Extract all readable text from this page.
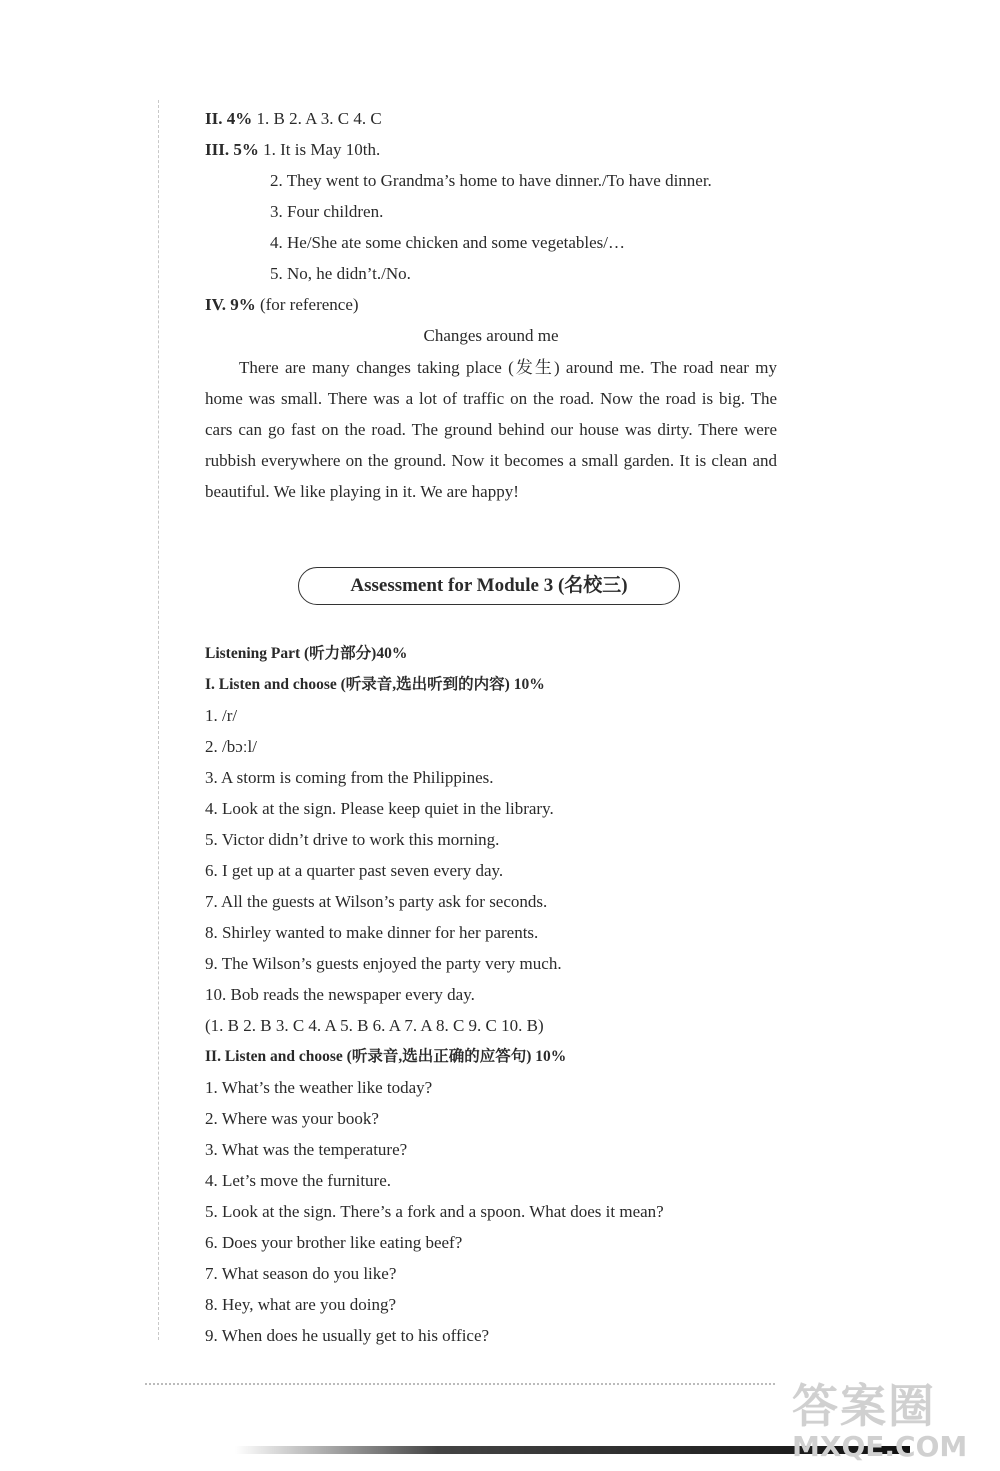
II. 4% 1. B 2. A 3. C 4. C
III. 5% 1. It is May 10th.
2. They went to Grandma’s home to have dinner./To have dinner.
3. Four children.
4. He/She ate some chicken and some vegetables/…
5. No, he didn’t./No.
IV. 9% (for reference)
Changes around me
There are many changes taking place (发生) around me. The road near my home was small. There was a lot of traffic on the road. Now the road is big. The cars can go fast on the road. The ground behind our house was dirty. There were rubbish everywhere on the ground. Now it becomes a small garden. It is clean and beautiful. We like playing in it. We are happy!
Assessment for Module 3 (名校三)
Listening Part (听力部分)40%
I. Listen and choose (听录音,选出听到的内容) 10%
1. /r/
2. /bɔːl/
3. A storm is coming from the Philippines.
4. Look at the sign. Please keep quiet in the library.
5. Victor didn’t drive to work this morning.
6. I get up at a quarter past seven every day.
7. All the guests at Wilson’s party ask for seconds.
8. Shirley wanted to make dinner for her parents.
9. The Wilson’s guests enjoyed the party very much.
10. Bob reads the newspaper every day.
(1. B 2. B 3. C 4. A 5. B 6. A 7. A 8. C 9. C 10. B)
II. Listen and choose (听录音,选出正确的应答句) 10%
1. What’s the weather like today?
2. Where was your book?
3. What was the temperature?
4. Let’s move the furniture.
5. Look at the sign. There’s a fork and a spoon. What does it mean?
6. Does your brother like eating beef?
7. What season do you like?
8. Hey, what are you doing?
9. When does he usually get to his office?
答案圈
MXQE.COM
